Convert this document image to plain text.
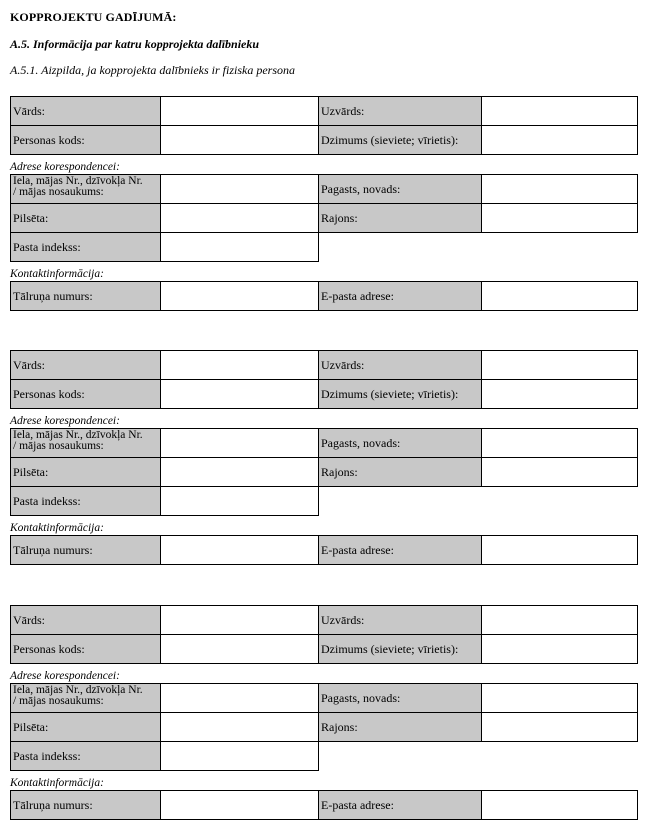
KOPPROJEKTU GADĪJUMĀ:
A.5. Informācija par katru kopprojekta dalībnieku
A.5.1. Aizpilda, ja kopprojekta dalībnieks ir fiziska persona
Vārds:	Uzvārds:
Personas kods:	Dzimums (sieviete; vīrietis):
Adrese korespondencei:
Iela, mājas Nr., dzīvokļa Nr.
/ mājas nosaukums:	Pagasts, novads:
Pilsēta:	Rajons:
Pasta indekss:
Kontaktinformācija:
Tālruņa numurs:	E-pasta adrese:
Vārds:	Uzvārds:
Personas kods:	Dzimums (sieviete; vīrietis):
Adrese korespondencei:
Iela, mājas Nr., dzīvokļa Nr.
/ mājas nosaukums:	Pagasts, novads:
Pilsēta:	Rajons:
Pasta indekss:
Kontaktinformācija:
Tālruņa numurs:	E-pasta adrese:
Vārds:	Uzvārds:
Personas kods:	Dzimums (sieviete; vīrietis):
Adrese korespondencei:
Iela, mājas Nr., dzīvokļa Nr.
/ mājas nosaukums:	Pagasts, novads:
Pilsēta:	Rajons:
Pasta indekss:
Kontaktinformācija:
Tālruņa numurs:	E-pasta adrese:
